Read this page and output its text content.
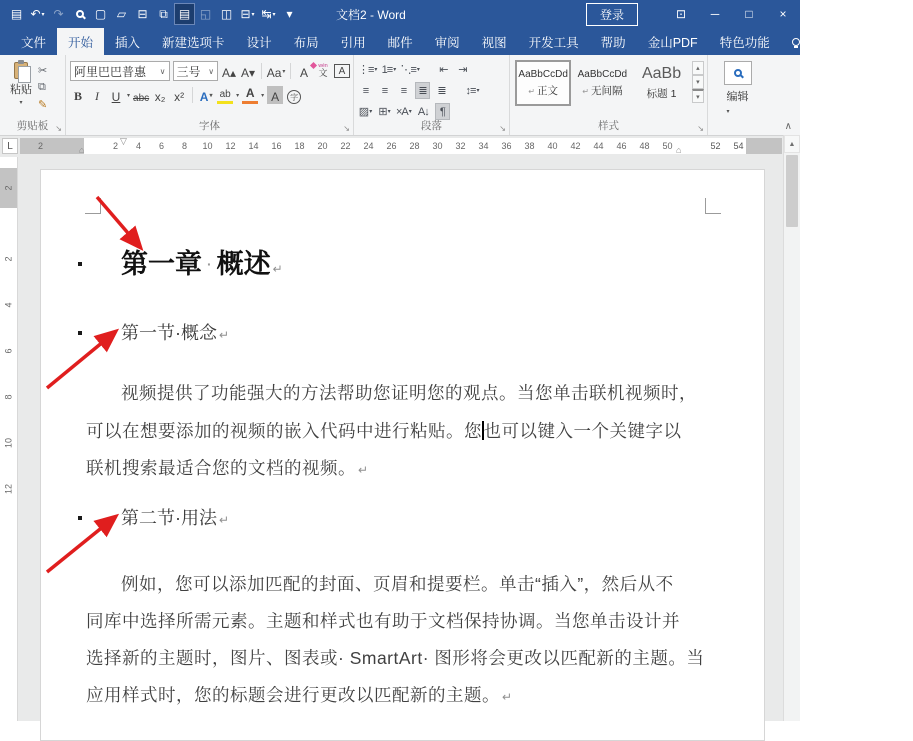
▤ ↶ ▾ ↷	▢ ▱ ⊟ ⧉ ▤ ◱ ◫ ⊟ ▾ ↹ ▾ ▾	文档2 - Word	登录	⊡	─	□	×
文件	开始	插入	新建选项卡	设计	布局	引用	邮件	审阅	视图	开发工具	帮助	金山PDF	特色功能	告诉我	共享
粘贴
▾
✂
⧉
✎
剪贴板 ↘
阿里巴巴普惠 ∨ 三号 ∨ A▴ A▾ Aa ▾	A	wén
文	A
B	I	U	▾ abc x₂ x² A ▾ ab ▾ A ▾ A	字
字体	↘
⋮≡ ▾ 1≡ ▾ ⋱≡ ▾	⇤ ⇥
≡	≡	≡	≣ ≣	↕≡ ▾
▨ ▾ ⊞ ▾ ×A ▾ A↓	¶
段落	↘
AaBbCcDd
↵ 正文
AaBbCcDd
↵ 无间隔
AaBb
标题 1
▴
▾
▾
样式	↘
编辑
▾
∧
L	2	2	4	6	8	10	12	14	16	18	20	22	24	26	28	30	32	34	36	38	40	42	44	46	48	50	52	54
▽
⌂	⌂
2
2
4
6
8
10
12
第一章 · 概述 ↵
第一节·概念 ↵
视频提供了功能强大的方法帮助您证明您的观点。当您单击联机视频时，
可以在想要添加的视频的嵌入代码中进行粘贴。您也可以键入一个关键字以
联机搜索最适合您的文档的视频。 ↵
第二节·用法 ↵
例如，您可以添加匹配的封面、页眉和提要栏。单击“插入”，然后从不
同库中选择所需元素。主题和样式也有助于文档保持协调。当您单击设计并
选择新的主题时，图片、图表或· SmartArt· 图形将会更改以匹配新的主题。当
应用样式时，您的标题会进行更改以匹配新的主题。 ↵
▲
